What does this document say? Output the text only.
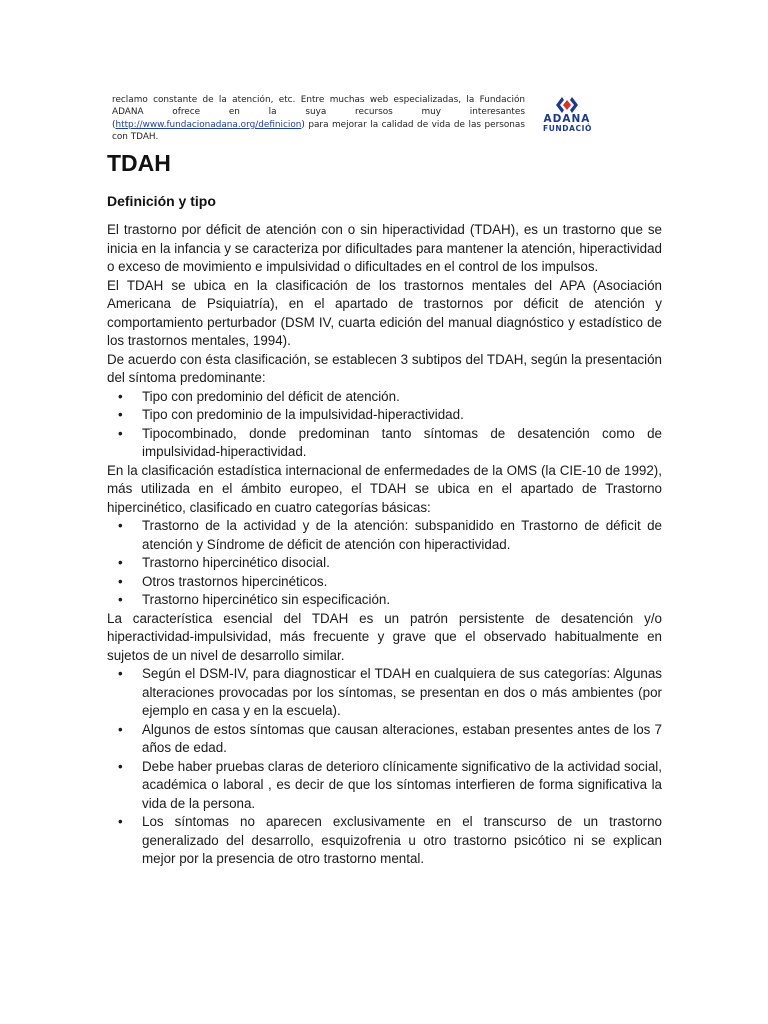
reclamo constante de la atención, etc. Entre muchas web especializadas, la Fundación ADANA ofrece en la suya recursos muy interesantes (http://www.fundacionadana.org/definicion) para mejorar la calidad de vida de las personas con TDAH.
ADANA
FUNDACIÓ
TDAH
Definición y tipo

El trastorno por déficit de atención con o sin hiperactividad (TDAH), es un trastorno que se inicia en la infancia y se caracteriza por dificultades para mantener la atención, hiperactividad o exceso de movimiento e impulsividad o dificultades en el control de los impulsos.

El TDAH se ubica en la clasificación de los trastornos mentales del APA (Asociación Americana de Psiquiatría), en el apartado de trastornos por déficit de atención y comportamiento perturbador (DSM IV, cuarta edición del manual diagnóstico y estadístico de los trastornos mentales, 1994).

De acuerdo con ésta clasificación, se establecen 3 subtipos del TDAH, según la presentación del síntoma predominante:

• Tipo con predominio del déficit de atención.
• Tipo con predominio de la impulsividad-hiperactividad.
• Tipocombinado, donde predominan tanto síntomas de desatención como de impulsividad-hiperactividad.

En la clasificación estadística internacional de enfermedades de la OMS (la CIE-10 de 1992), más utilizada en el ámbito europeo, el TDAH se ubica en el apartado de Trastorno hipercinético, clasificado en cuatro categorías básicas:

• Trastorno de la actividad y de la atención: subspanidido en Trastorno de déficit de atención y Síndrome de déficit de atención con hiperactividad.
• Trastorno hipercinético disocial.
• Otros trastornos hipercinéticos.
• Trastorno hipercinético sin especificación.

La característica esencial del TDAH es un patrón persistente de desatención y/o hiperactividad-impulsividad, más frecuente y grave que el observado habitualmente en sujetos de un nivel de desarrollo similar.

• Según el DSM-IV, para diagnosticar el TDAH en cualquiera de sus categorías: Algunas alteraciones provocadas por los síntomas, se presentan en dos o más ambientes (por ejemplo en casa y en la escuela).
• Algunos de estos síntomas que causan alteraciones, estaban presentes antes de los 7 años de edad.
• Debe haber pruebas claras de deterioro clínicamente significativo de la actividad social, académica o laboral , es decir de que los síntomas interfieren de forma significativa la vida de la persona.
• Los síntomas no aparecen exclusivamente en el transcurso de un trastorno generalizado del desarrollo, esquizofrenia u otro trastorno psicótico ni se explican mejor por la presencia de otro trastorno mental.
